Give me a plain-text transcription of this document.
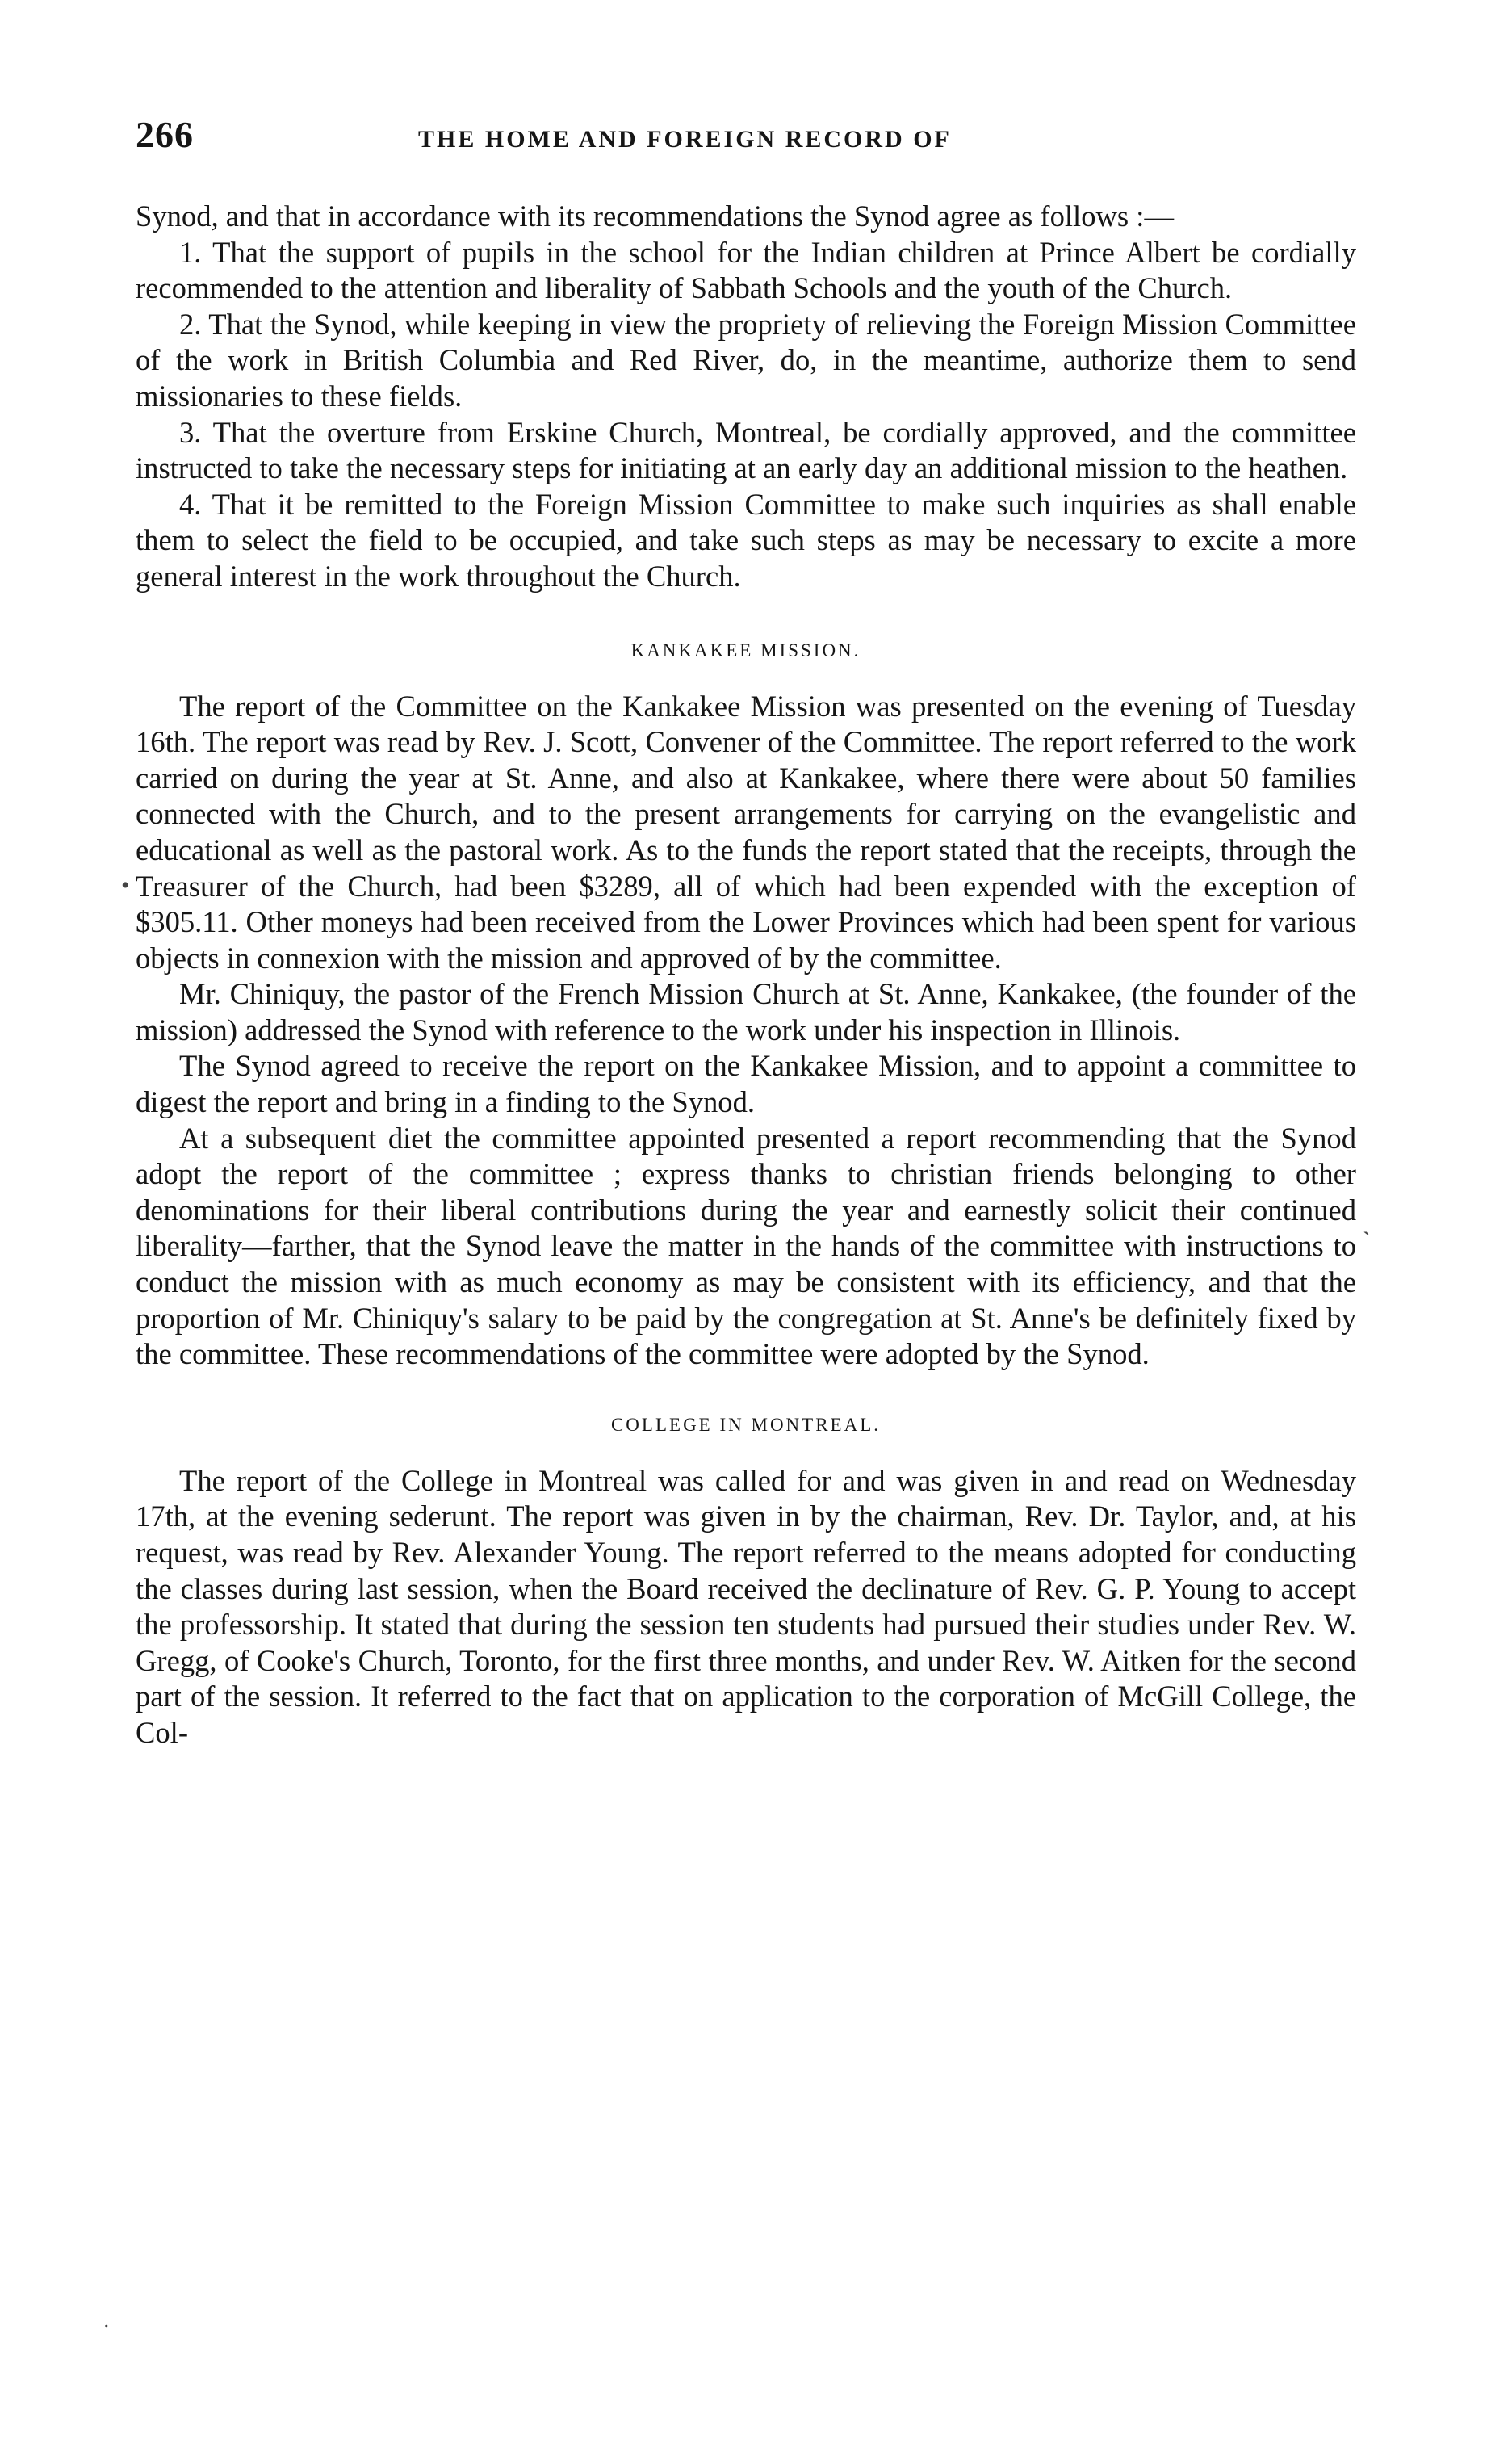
266	THE HOME AND FOREIGN RECORD OF

Synod, and that in accordance with its recommendations the Synod agree as follows :—

1. That the support of pupils in the school for the Indian children at Prince Albert be cordially recommended to the attention and liberality of Sabbath Schools and the youth of the Church.

2. That the Synod, while keeping in view the propriety of relieving the Foreign Mission Committee of the work in British Columbia and Red River, do, in the meantime, authorize them to send missionaries to these fields.

3. That the overture from Erskine Church, Montreal, be cordially approved, and the committee instructed to take the necessary steps for initiating at an early day an additional mission to the heathen.

4. That it be remitted to the Foreign Mission Committee to make such inquiries as shall enable them to select the field to be occupied, and take such steps as may be necessary to excite a more general interest in the work throughout the Church.

KANKAKEE MISSION.

The report of the Committee on the Kankakee Mission was presented on the evening of Tuesday 16th. The report was read by Rev. J. Scott, Convener of the Committee. The report referred to the work carried on during the year at St. Anne, and also at Kankakee, where there were about 50 families connected with the Church, and to the present arrangements for carrying on the evangelistic and educational as well as the pastoral work. As to the funds the report stated that the receipts, through the Treasurer of the Church, had been $3289, all of which had been expended with the exception of $305.11. Other moneys had been received from the Lower Provinces which had been spent for various objects in connexion with the mission and approved of by the committee.

Mr. Chiniquy, the pastor of the French Mission Church at St. Anne, Kankakee, (the founder of the mission) addressed the Synod with reference to the work under his inspection in Illinois.

The Synod agreed to receive the report on the Kankakee Mission, and to appoint a committee to digest the report and bring in a finding to the Synod.

At a subsequent diet the committee appointed presented a report recommending that the Synod adopt the report of the committee ; express thanks to christian friends belonging to other denominations for their liberal contributions during the year and earnestly solicit their continued liberality—farther, that the Synod leave the matter in the hands of the committee with instructions to conduct the mission with as much economy as may be consistent with its efficiency, and that the proportion of Mr. Chiniquy's salary to be paid by the congregation at St. Anne's be definitely fixed by the committee. These recommendations of the committee were adopted by the Synod.

COLLEGE IN MONTREAL.

The report of the College in Montreal was called for and was given in and read on Wednesday 17th, at the evening sederunt. The report was given in by the chairman, Rev. Dr. Taylor, and, at his request, was read by Rev. Alexander Young. The report referred to the means adopted for conducting the classes during last session, when the Board received the declinature of Rev. G. P. Young to accept the professorship. It stated that during the session ten students had pursued their studies under Rev. W. Gregg, of Cooke's Church, Toronto, for the first three months, and under Rev. W. Aitken for the second part of the session. It referred to the fact that on application to the corporation of McGill College, the Col-

•
`
.
